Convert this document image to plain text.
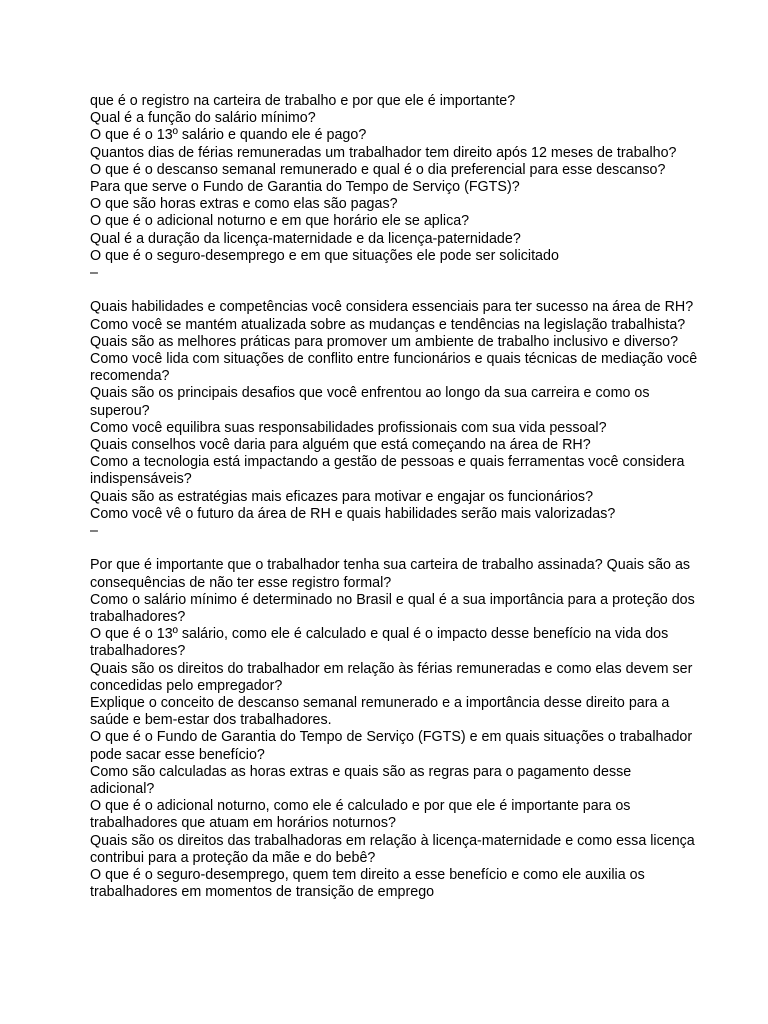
que é o registro na carteira de trabalho e por que ele é importante?
Qual é a função do salário mínimo?
O que é o 13º salário e quando ele é pago?
Quantos dias de férias remuneradas um trabalhador tem direito após 12 meses de trabalho?
O que é o descanso semanal remunerado e qual é o dia preferencial para esse descanso?
Para que serve o Fundo de Garantia do Tempo de Serviço (FGTS)?
O que são horas extras e como elas são pagas?
O que é o adicional noturno e em que horário ele se aplica?
Qual é a duração da licença-maternidade e da licença-paternidade?
O que é o seguro-desemprego e em que situações ele pode ser solicitado
–
Quais habilidades e competências você considera essenciais para ter sucesso na área de RH?
Como você se mantém atualizada sobre as mudanças e tendências na legislação trabalhista?
Quais são as melhores práticas para promover um ambiente de trabalho inclusivo e diverso?
Como você lida com situações de conflito entre funcionários e quais técnicas de mediação você
recomenda?
Quais são os principais desafios que você enfrentou ao longo da sua carreira e como os
superou?
Como você equilibra suas responsabilidades profissionais com sua vida pessoal?
Quais conselhos você daria para alguém que está começando na área de RH?
Como a tecnologia está impactando a gestão de pessoas e quais ferramentas você considera
indispensáveis?
Quais são as estratégias mais eficazes para motivar e engajar os funcionários?
Como você vê o futuro da área de RH e quais habilidades serão mais valorizadas?
–
Por que é importante que o trabalhador tenha sua carteira de trabalho assinada? Quais são as
consequências de não ter esse registro formal?
Como o salário mínimo é determinado no Brasil e qual é a sua importância para a proteção dos
trabalhadores?
O que é o 13º salário, como ele é calculado e qual é o impacto desse benefício na vida dos
trabalhadores?
Quais são os direitos do trabalhador em relação às férias remuneradas e como elas devem ser
concedidas pelo empregador?
Explique o conceito de descanso semanal remunerado e a importância desse direito para a
saúde e bem-estar dos trabalhadores.
O que é o Fundo de Garantia do Tempo de Serviço (FGTS) e em quais situações o trabalhador
pode sacar esse benefício?
Como são calculadas as horas extras e quais são as regras para o pagamento desse
adicional?
O que é o adicional noturno, como ele é calculado e por que ele é importante para os
trabalhadores que atuam em horários noturnos?
Quais são os direitos das trabalhadoras em relação à licença-maternidade e como essa licença
contribui para a proteção da mãe e do bebê?
O que é o seguro-desemprego, quem tem direito a esse benefício e como ele auxilia os
trabalhadores em momentos de transição de emprego
